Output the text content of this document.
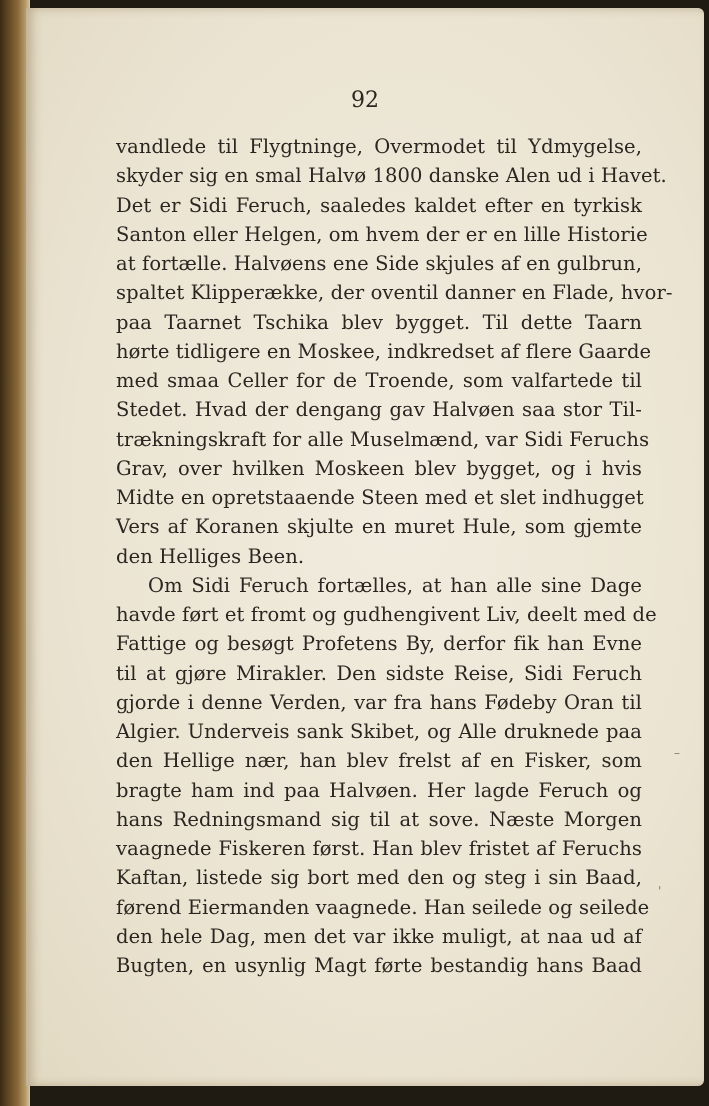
92
'
–
vandlede til Flygtninge, Overmodet til Ydmygelse,
skyder sig en smal Halvø 1800 danske Alen ud i Havet.
Det er Sidi Feruch, saaledes kaldet efter en tyrkisk
Santon eller Helgen, om hvem der er en lille Historie
at fortælle. Halvøens ene Side skjules af en gulbrun,
spaltet Klipperække, der oventil danner en Flade, hvor-
paa Taarnet Tschika blev bygget. Til dette Taarn
hørte tidligere en Moskee, indkredset af flere Gaarde
med smaa Celler for de Troende, som valfartede til
Stedet. Hvad der dengang gav Halvøen saa stor Til-
trækningskraft for alle Muselmænd, var Sidi Feruchs
Grav, over hvilken Moskeen blev bygget, og i hvis
Midte en opretstaaende Steen med et slet indhugget
Vers af Koranen skjulte en muret Hule, som gjemte
den Helliges Been.
Om Sidi Feruch fortælles, at han alle sine Dage
havde ført et fromt og gudhengivent Liv, deelt med de
Fattige og besøgt Profetens By, derfor fik han Evne
til at gjøre Mirakler. Den sidste Reise, Sidi Feruch
gjorde i denne Verden, var fra hans Fødeby Oran til
Algier. Underveis sank Skibet, og Alle druknede paa
den Hellige nær, han blev frelst af en Fisker, som
bragte ham ind paa Halvøen. Her lagde Feruch og
hans Redningsmand sig til at sove. Næste Morgen
vaagnede Fiskeren først. Han blev fristet af Feruchs
Kaftan, listede sig bort med den og steg i sin Baad,
førend Eiermanden vaagnede. Han seilede og seilede
den hele Dag, men det var ikke muligt, at naa ud af
Bugten, en usynlig Magt førte bestandig hans Baad
